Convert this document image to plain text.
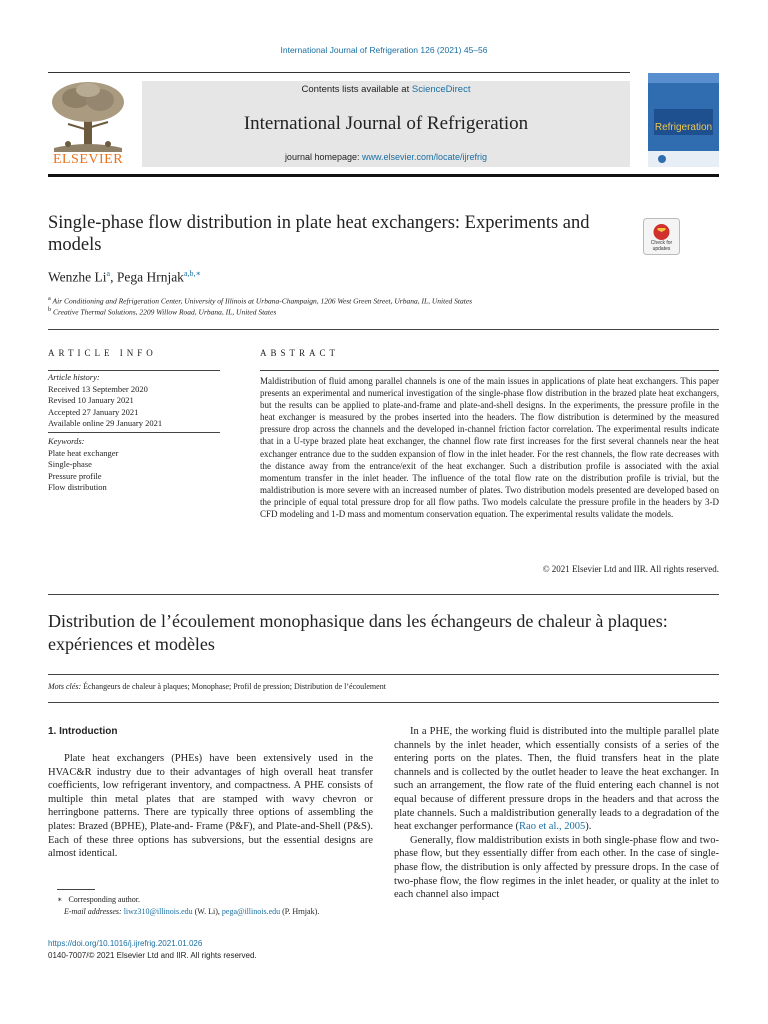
International Journal of Refrigeration 126 (2021) 45–56
ELSEVIER
Contents lists available at ScienceDirect
International Journal of Refrigeration
journal homepage: www.elsevier.com/locate/ijrefrig
Refrigeration
Single-phase flow distribution in plate heat exchangers: Experiments and models	Check for updates
Wenzhe Li$^a$, Pega Hrnjak$^{a,b,∗}$
$^a$ Air Conditioning and Refrigeration Center, University of Illinois at Urbana-Champaign, 1206 West Green Street, Urbana, IL, United States
$^b$ Creative Thermal Solutions, 2209 Willow Road, Urbana, IL, United States
ARTICLE INFO
Article history:
Received 13 September 2020
Revised 10 January 2021
Accepted 27 January 2021
Available online 29 January 2021
Keywords:
Plate heat exchanger
Single-phase
Pressure profile
Flow distribution
ABSTRACT
Maldistribution of fluid among parallel channels is one of the main issues in applications of plate heat exchangers. This paper presents an experimental and numerical investigation of the single-phase flow distribution in the brazed plate heat exchangers, but the results can be applied to plate-and-frame and plate-and-shell designs. In the experiments, the pressure profile in the heat exchanger is measured by the probes inserted into the headers. The flow distribution is determined by the measured pressure drop across the channels and the developed in-channel friction factor correlation. The experimental results indicate that in a U-type brazed plate heat exchanger, the channel flow rate first increases for the first several channels near the heat exchanger entrance due to the sudden expansion of flow in the inlet header. For the rest channels, the flow rate decreases with the distance away from the entrance/exit of the heat exchanger. Such a distribution profile is associated with the axial momentum transfer in the inlet header. The influence of the total flow rate on the distribution profile is trivial, but the maldistribution is more severe with an increased number of plates. Two distribution models presented are developed based on the principle of equal total pressure drop for all flow paths. Two models calculate the pressure profile in the headers by 3-D CFD modeling and 1-D mass and momentum conservation equation. The experimental results validate the models.
© 2021 Elsevier Ltd and IIR. All rights reserved.
Distribution de l’écoulement monophasique dans les échangeurs de chaleur à plaques: expériences et modèles
Mots clés: Échangeurs de chaleur à plaques; Monophase; Profil de pression; Distribution de l’écoulement
1. Introduction

Plate heat exchangers (PHEs) have been extensively used in the HVAC&R industry due to their advantages of high overall heat transfer coefficients, low refrigerant inventory, and compactness. A PHE consists of multiple thin metal plates that are stamped with wavy chevron or herringbone patterns. There are typically three options of assembling the plates: Brazed (BPHE), Plate-and- Frame (P&F), and Plate-and-Shell (P&S). Each of these three options has subversions, but the essential designs are almost identical.

In a PHE, the working fluid is distributed into the multiple parallel plate channels by the inlet header, which essentially consists of a series of the entering ports on the plates. Then, the fluid transfers heat in the plate channels and is collected by the outlet header to leave the heat exchanger. In such an arrangement, the flow rate of the fluid entering each channel is not equal because of different pressure drops in the headers and that across the plate channels. Such a maldistribution generally leads to a degradation of the heat exchanger performance (Rao et al., 2005).

Generally, flow maldistribution exists in both single-phase flow and two-phase flow, but they essentially differ from each other. In the case of single-phase flow, the distribution is only affected by pressure drops. In the case of two-phase flow, the flow regimes in the inlet header, or quality at the inlet to each channel also impact

∗ Corresponding author.
E-mail addresses: liwz310@illinois.edu (W. Li), pega@illinois.edu (P. Hrnjak).
https://doi.org/10.1016/j.ijrefrig.2021.01.026
0140-7007/© 2021 Elsevier Ltd and IIR. All rights reserved.
